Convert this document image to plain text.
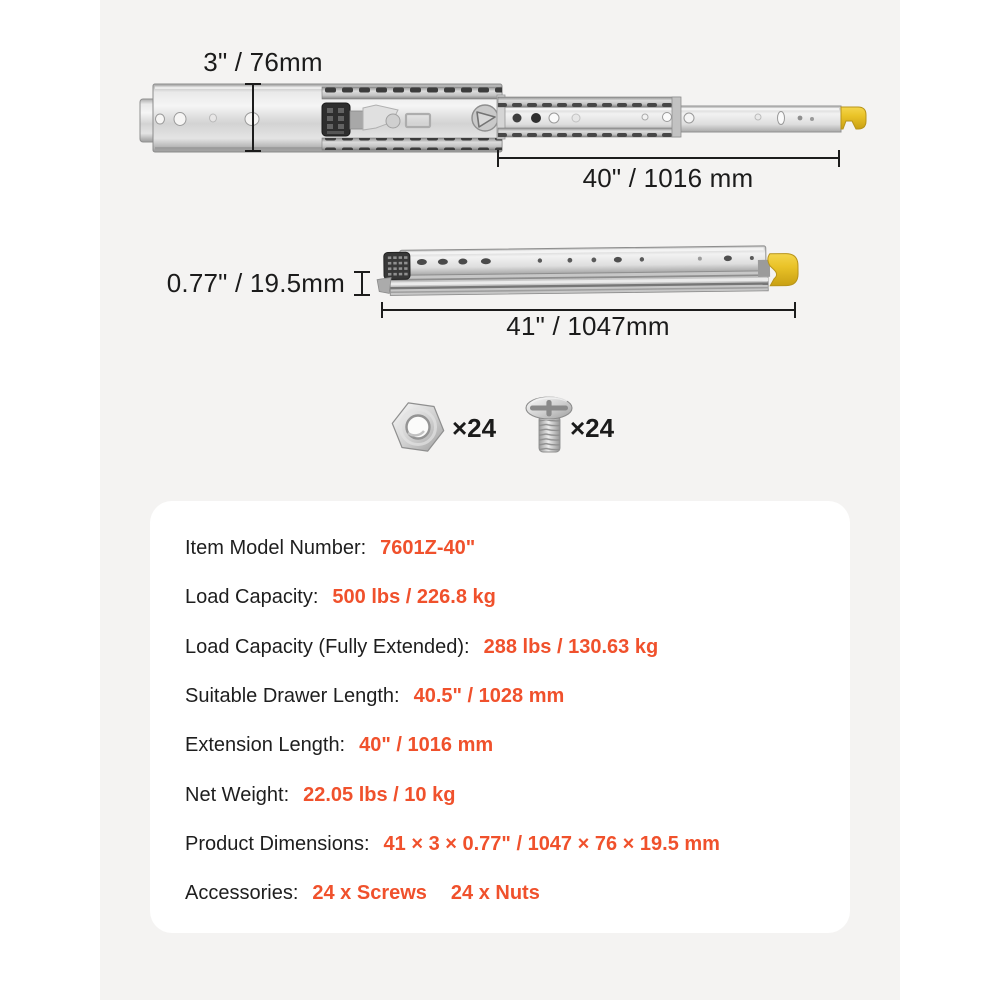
3" / 76mm
40" / 1016 mm
0.77" / 19.5mm
41" / 1047mm
×24	×24
Item Model Number: 7601Z-40"
Load Capacity: 500 lbs / 226.8 kg
Load Capacity (Fully Extended): 288 lbs / 130.63 kg
Suitable Drawer Length: 40.5" / 1028 mm
Extension Length: 40" / 1016 mm
Net Weight: 22.05 lbs / 10 kg
Product Dimensions: 41 × 3 × 0.77" / 1047 × 76 × 19.5 mm
Accessories: 24 x Screws 24 x Nuts
